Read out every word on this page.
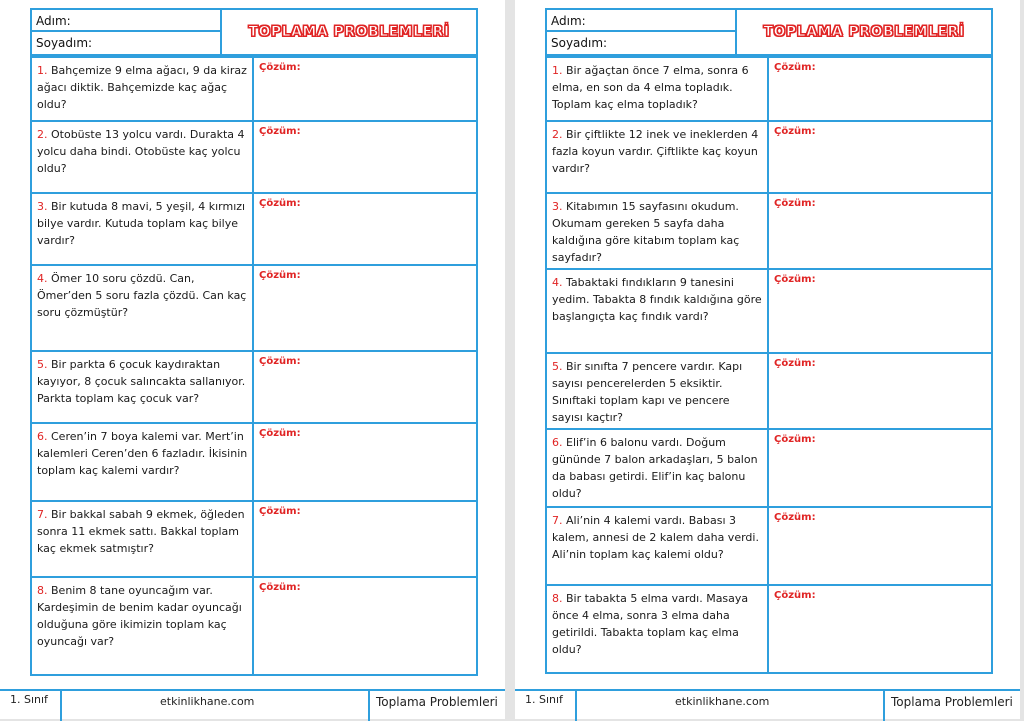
Adım:
Soyadım:
TOPLAMA PROBLEMLERİ
1. Bahçemize 9 elma ağacı, 9 da kiraz ağacı diktik. Bahçemizde kaç ağaç oldu?
Çözüm:
2. Otobüste 13 yolcu vardı. Durakta 4 yolcu daha bindi. Otobüste kaç yolcu oldu?
Çözüm:
3. Bir kutuda 8 mavi, 5 yeşil, 4 kırmızı bilye vardır. Kutuda toplam kaç bilye vardır?
Çözüm:
4. Ömer 10 soru çözdü. Can, Ömer’den 5 soru fazla çözdü. Can kaç soru çözmüştür?
Çözüm:
5. Bir parkta 6 çocuk kaydıraktan kayıyor, 8 çocuk salıncakta sallanıyor. Parkta toplam kaç çocuk var?
Çözüm:
6. Ceren’in 7 boya kalemi var. Mert’in kalemleri Ceren’den 6 fazladır. İkisinin toplam kaç kalemi vardır?
Çözüm:
7. Bir bakkal sabah 9 ekmek, öğleden sonra 11 ekmek sattı. Bakkal toplam kaç ekmek satmıştır?
Çözüm:
8. Benim 8 tane oyuncağım var. Kardeşimin de benim kadar oyuncağı olduğuna göre ikimizin toplam kaç oyuncağı var?
Çözüm:
1. Sınıf	etkinlikhane.com	Toplama Problemleri
Adım:
Soyadım:
TOPLAMA PROBLEMLERİ
1. Bir ağaçtan önce 7 elma, sonra 6 elma, en son da 4 elma topladık. Toplam kaç elma topladık?
Çözüm:
2. Bir çiftlikte 12 inek ve ineklerden 4 fazla koyun vardır. Çiftlikte kaç koyun vardır?
Çözüm:
3. Kitabımın 15 sayfasını okudum. Okumam gereken 5 sayfa daha kaldığına göre kitabım toplam kaç sayfadır?
Çözüm:
4. Tabaktaki fındıkların 9 tanesini yedim. Tabakta 8 fındık kaldığına göre başlangıçta kaç fındık vardı?
Çözüm:
5. Bir sınıfta 7 pencere vardır. Kapı sayısı pencerelerden 5 eksiktir. Sınıftaki toplam kapı ve pencere sayısı kaçtır?
Çözüm:
6. Elif’in 6 balonu vardı. Doğum gününde 7 balon arkadaşları, 5 balon da babası getirdi. Elif’in kaç balonu oldu?
Çözüm:
7. Ali’nin 4 kalemi vardı. Babası 3 kalem, annesi de 2 kalem daha verdi. Ali’nin toplam kaç kalemi oldu?
Çözüm:
8. Bir tabakta 5 elma vardı. Masaya önce 4 elma, sonra 3 elma daha getirildi. Tabakta toplam kaç elma oldu?
Çözüm:
1. Sınıf	etkinlikhane.com	Toplama Problemleri
